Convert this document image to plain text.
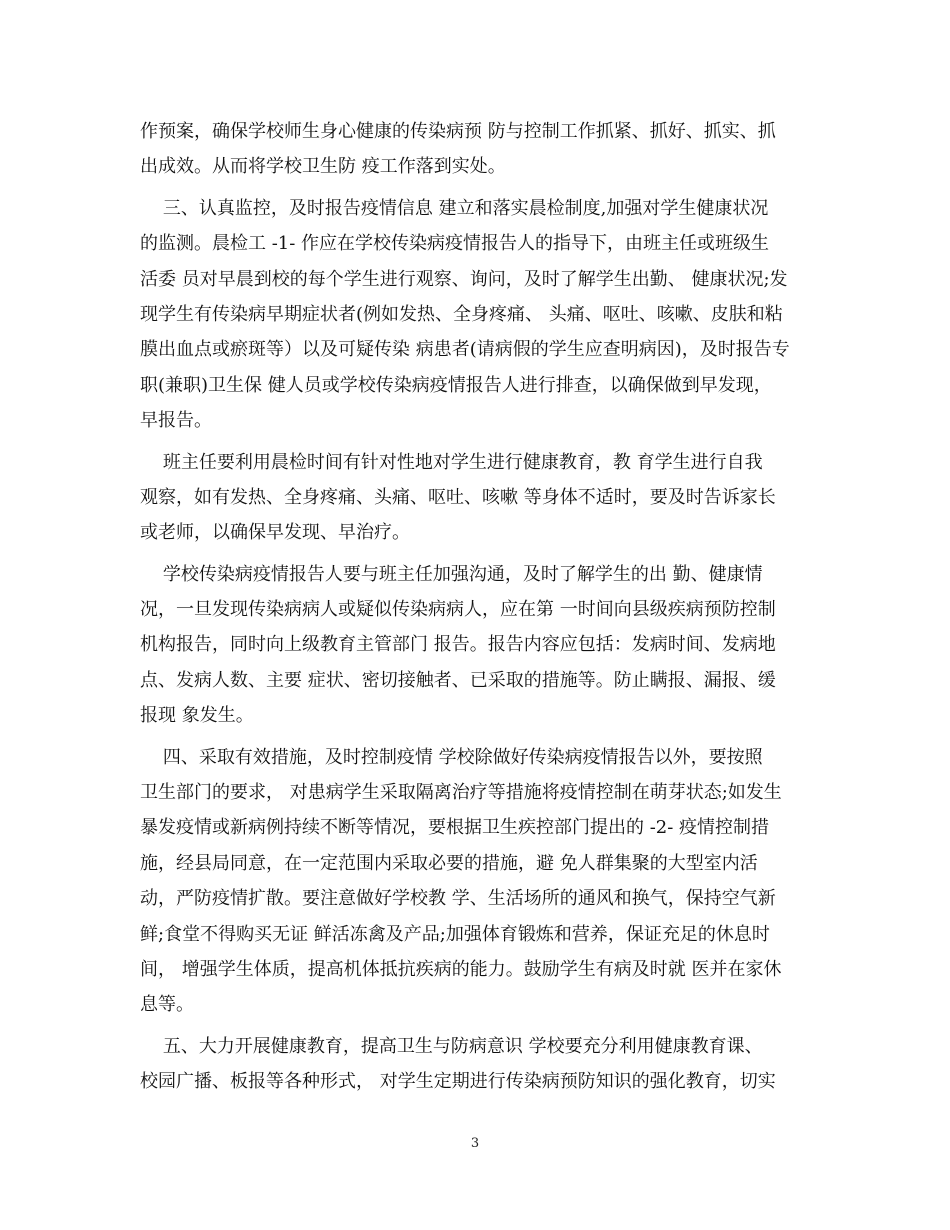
作预案，确保学校师生身心健康的传染病预 防与控制工作抓紧、抓好、抓实、抓
出成效。从而将学校卫生防 疫工作落到实处。
三、认真监控，及时报告疫情信息 建立和落实晨检制度,加强对学生健康状况
的监测。晨检工 -1- 作应在学校传染病疫情报告人的指导下，由班主任或班级生
活委 员对早晨到校的每个学生进行观察、询问，及时了解学生出勤、 健康状况;发
现学生有传染病早期症状者(例如发热、全身疼痛、 头痛、呕吐、咳嗽、皮肤和粘
膜出血点或瘀斑等）以及可疑传染 病患者(请病假的学生应查明病因)，及时报告专
职(兼职)卫生保 健人员或学校传染病疫情报告人进行排查，以确保做到早发现，
早报告。
班主任要利用晨检时间有针对性地对学生进行健康教育，教 育学生进行自我
观察，如有发热、全身疼痛、头痛、呕吐、咳嗽 等身体不适时，要及时告诉家长
或老师，以确保早发现、早治疗。
学校传染病疫情报告人要与班主任加强沟通，及时了解学生的出 勤、健康情
况，一旦发现传染病病人或疑似传染病病人，应在第 一时间向县级疾病预防控制
机构报告，同时向上级教育主管部门 报告。报告内容应包括：发病时间、发病地
点、发病人数、主要 症状、密切接触者、已采取的措施等。防止瞒报、漏报、缓
报现 象发生。
四、采取有效措施，及时控制疫情 学校除做好传染病疫情报告以外，要按照
卫生部门的要求， 对患病学生采取隔离治疗等措施将疫情控制在萌芽状态;如发生
暴发疫情或新病例持续不断等情况，要根据卫生疾控部门提出的 -2- 疫情控制措
施，经县局同意，在一定范围内采取必要的措施，避 免人群集聚的大型室内活
动，严防疫情扩散。要注意做好学校教 学、生活场所的通风和换气，保持空气新
鲜;食堂不得购买无证 鲜活冻禽及产品;加强体育锻炼和营养，保证充足的休息时
间， 增强学生体质，提高机体抵抗疾病的能力。鼓励学生有病及时就 医并在家休
息等。
五、大力开展健康教育，提高卫生与防病意识 学校要充分利用健康教育课、
校园广播、板报等各种形式， 对学生定期进行传染病预防知识的强化教育，切实
3
